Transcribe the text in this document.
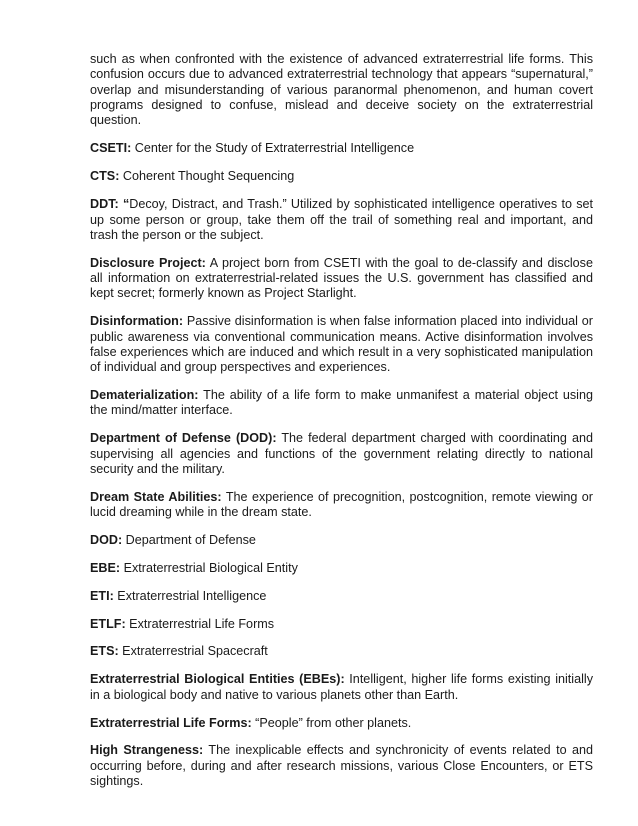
such as when confronted with the existence of advanced extraterrestrial life forms. This confusion occurs due to advanced extraterrestrial technology that appears “supernatural,” overlap and misunderstanding of various paranormal phenomenon, and human covert programs designed to confuse, mislead and deceive society on the extraterrestrial question.

CSETI: Center for the Study of Extraterrestrial Intelligence

CTS: Coherent Thought Sequencing

DDT: “Decoy, Distract, and Trash.” Utilized by sophisticated intelligence operatives to set up some person or group, take them off the trail of something real and important, and trash the person or the subject.

Disclosure Project: A project born from CSETI with the goal to de-classify and disclose all information on extraterrestrial-related issues the U.S. government has classified and kept secret; formerly known as Project Starlight.

Disinformation: Passive disinformation is when false information placed into individual or public awareness via conventional communication means. Active disinformation involves false experiences which are induced and which result in a very sophisticated manipulation of individual and group perspectives and experiences.

Dematerialization: The ability of a life form to make unmanifest a material object using the mind/matter interface.

Department of Defense (DOD): The federal department charged with coordinating and supervising all agencies and functions of the government relating directly to national security and the military.

Dream State Abilities: The experience of precognition, postcognition, remote viewing or lucid dreaming while in the dream state.

DOD: Department of Defense

EBE: Extraterrestrial Biological Entity

ETI: Extraterrestrial Intelligence

ETLF: Extraterrestrial Life Forms

ETS: Extraterrestrial Spacecraft

Extraterrestrial Biological Entities (EBEs): Intelligent, higher life forms existing initially in a biological body and native to various planets other than Earth.

Extraterrestrial Life Forms: “People” from other planets.

High Strangeness: The inexplicable effects and synchronicity of events related to and occurring before, during and after research missions, various Close Encounters, or ETS sightings.
